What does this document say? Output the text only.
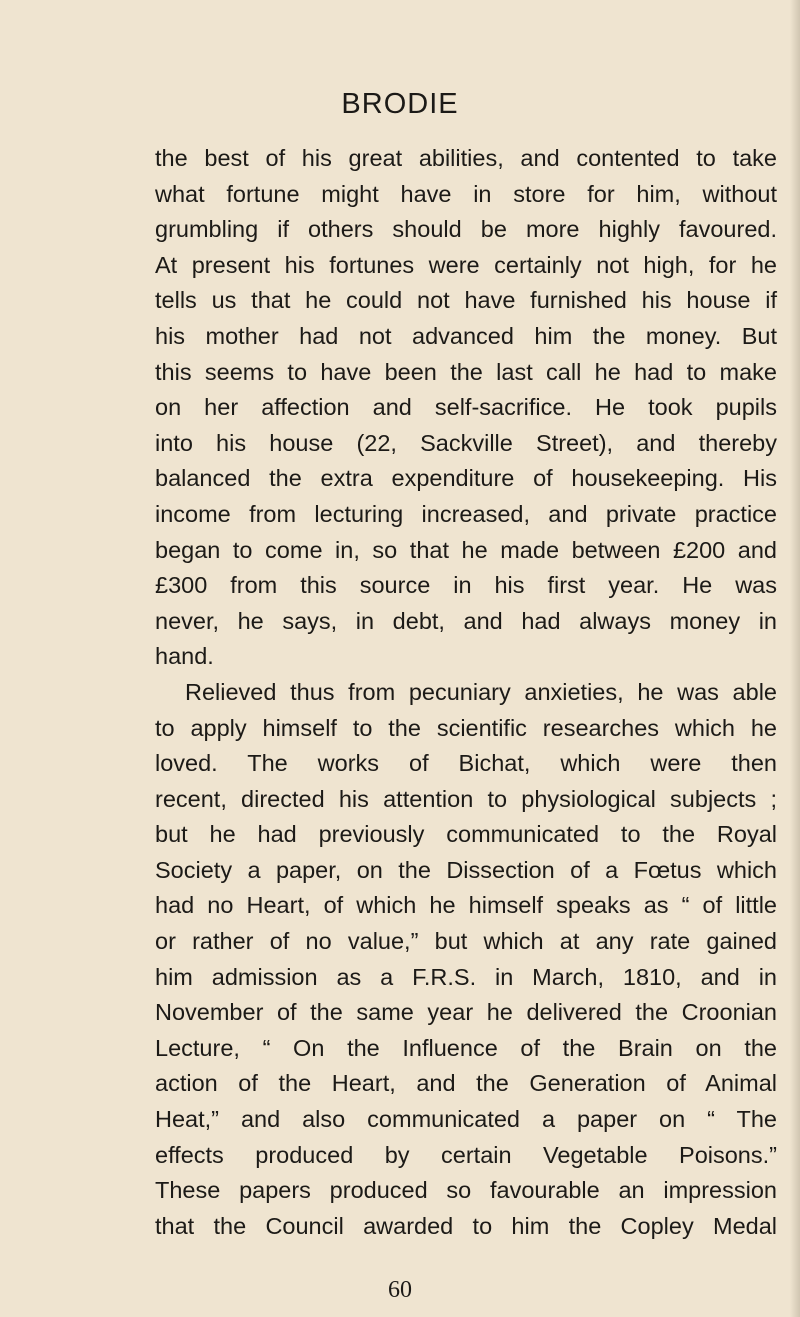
BRODIE
the best of his great abilities, and contented to take
what fortune might have in store for him, without
grumbling if others should be more highly favoured.
At present his fortunes were certainly not high, for he
tells us that he could not have furnished his house if
his mother had not advanced him the money. But
this seems to have been the last call he had to make
on her affection and self-sacrifice. He took pupils
into his house (22, Sackville Street), and thereby
balanced the extra expenditure of housekeeping. His
income from lecturing increased, and private practice
began to come in, so that he made between £200 and
£300 from this source in his first year. He was
never, he says, in debt, and had always money in
hand.
Relieved thus from pecuniary anxieties, he was able
to apply himself to the scientific researches which he
loved. The works of Bichat, which were then
recent, directed his attention to physiological subjects ;
but he had previously communicated to the Royal
Society a paper, on the Dissection of a Fœtus which
had no Heart, of which he himself speaks as “ of little
or rather of no value,” but which at any rate gained
him admission as a F.R.S. in March, 1810, and in
November of the same year he delivered the Croonian
Lecture, “ On the Influence of the Brain on the
action of the Heart, and the Generation of Animal
Heat,” and also communicated a paper on “ The
effects produced by certain Vegetable Poisons.”
These papers produced so favourable an impression
that the Council awarded to him the Copley Medal
60
